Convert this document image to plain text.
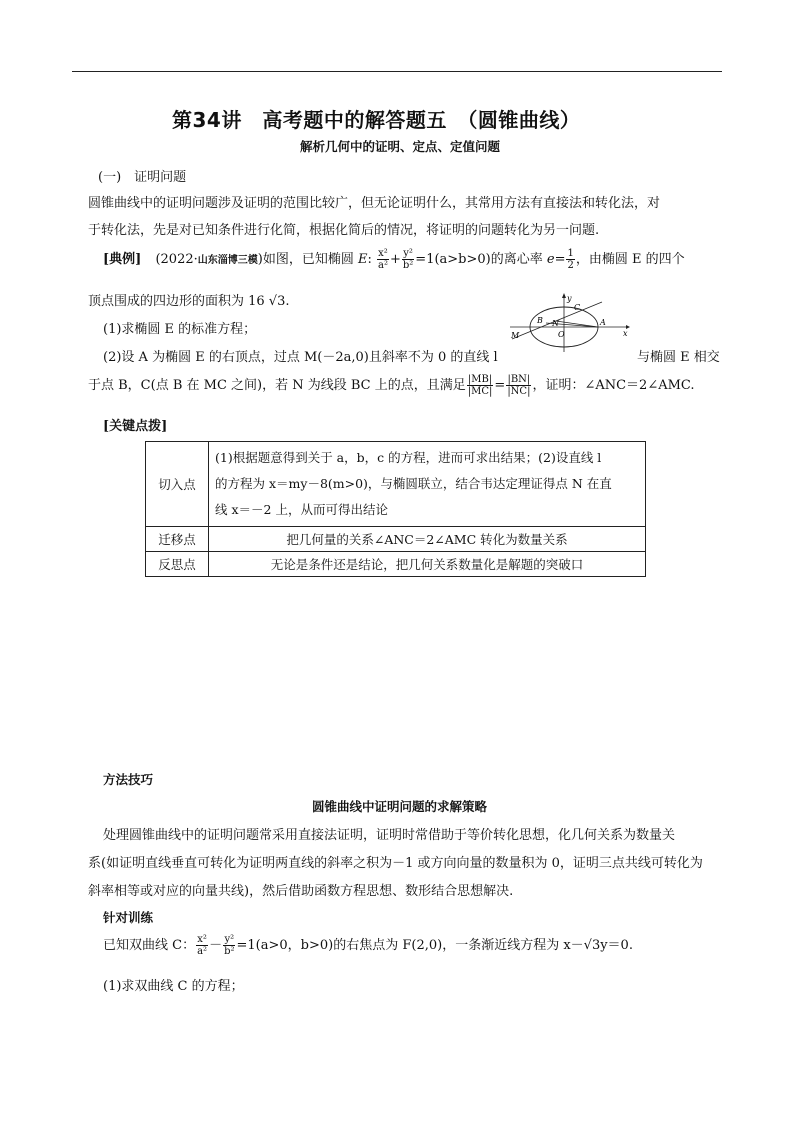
第34讲　高考题中的解答题五　（圆锥曲线）
解析几何中的证明、定点、定值问题
(一)　证明问题
圆锥曲线中的证明问题涉及证明的范围比较广，但无论证明什么，其常用方法有直接法和转化法，对
于转化法，先是对已知条件进行化简，根据化简后的情况，将证明的问题转化为另一问题.
[典例] (2022·山东淄博三模)如图，已知椭圆 E: $\frac{\text{x²}}{\text{a²}} + \frac{\text{y²}}{\text{b²}} =1(a>b>0)$的离心率 $e= \frac{1}{2}$ ，由椭圆 E 的四个
顶点围成的四边形的面积为 16 √3.
(1)求椭圆 E 的标准方程；
(2)设 A 为椭圆 E 的右顶点，过点 M(－2a,0)且斜率不为 0 的直线 l	与椭圆 E 相交
于点 B，C(点 B 在 MC 之间)，若 N 为线段 BC 上的点，且满足 $\frac{|MB|}{|MC|} = \frac{|BN|}{|NC|}$ ，证明：∠ANC＝2∠AMC.
C
B N	A
M	O
y
x
[关键点拨]
切入点	(1)根据题意得到关于 a，b，c 的方程，进而可求出结果；(2)设直线 l
的方程为 x＝my－8(m>0)，与椭圆联立，结合韦达定理证得点 N 在直
线 x＝－2 上，从而可得出结论

迁移点	把几何量的关系∠ANC＝2∠AMC 转化为数量关系
反思点	无论是条件还是结论，把几何关系数量化是解题的突破口
方法技巧
圆锥曲线中证明问题的求解策略
处理圆锥曲线中的证明问题常采用直接法证明，证明时常借助于等价转化思想，化几何关系为数量关
系(如证明直线垂直可转化为证明两直线的斜率之积为－1 或方向向量的数量积为 0，证明三点共线可转化为
斜率相等或对应的向量共线)，然后借助函数方程思想、数形结合思想解决.
针对训练
已知双曲线 C： $\frac{\text{x²}}{\text{a²}} - \frac{\text{y²}}{\text{b²}} =1(a>0$，b>0)的右焦点为 F(2,0)，一条渐近线方程为 x－√3y＝0.
(1)求双曲线 C 的方程；
